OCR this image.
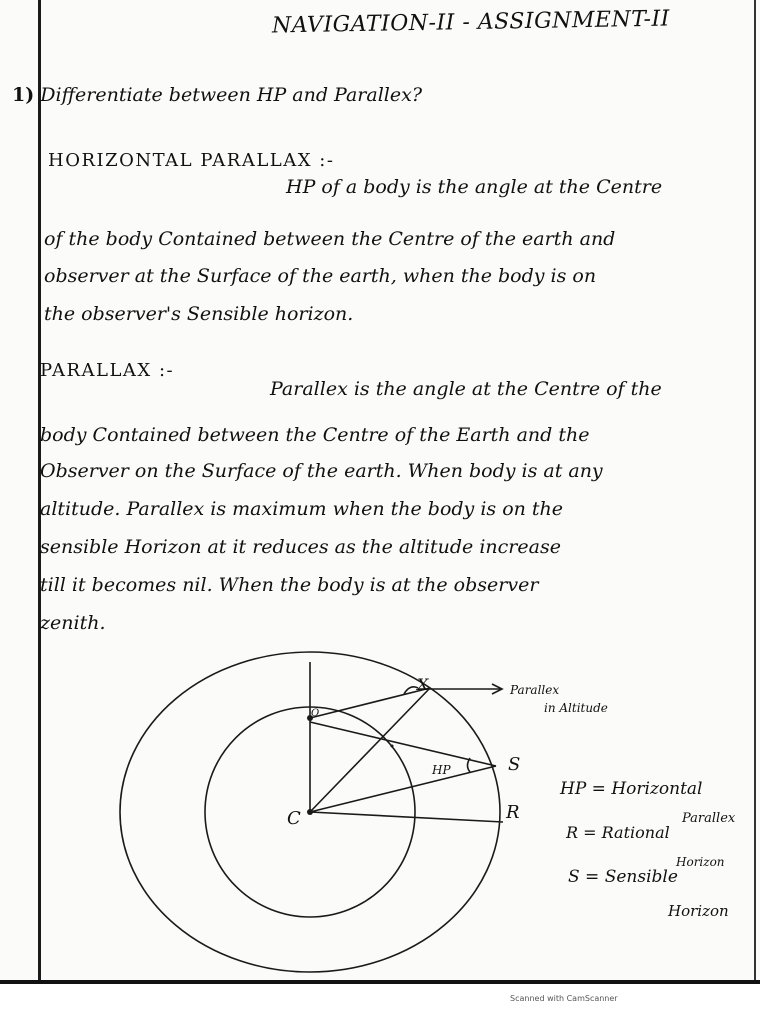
NAVIGATION-II - ASSIGNMENT-II
1) Differentiate between HP and Parallex?
HORIZONTAL PARALLAX :-
HP of a body is the angle at the Centre
of the body Contained between the Centre of the earth and
observer at the Surface of the earth, when the body is on
the observer's Sensible horizon.
PARALLAX :-
Parallex is the angle at the Centre of the
body Contained between the Centre of the Earth and the
Observer on the Surface of the earth. When body is at any
altitude. Parallex is maximum when the body is on the
sensible Horizon at it reduces as the altitude increase
till it becomes nil. When the body is at the observer
zenith.
C
O
S
R
X
HP
Parallex
in Altitude
HP = Horizontal
Parallex
R = Rational
Horizon
S = Sensible
Horizon
Scanned with CamScanner
